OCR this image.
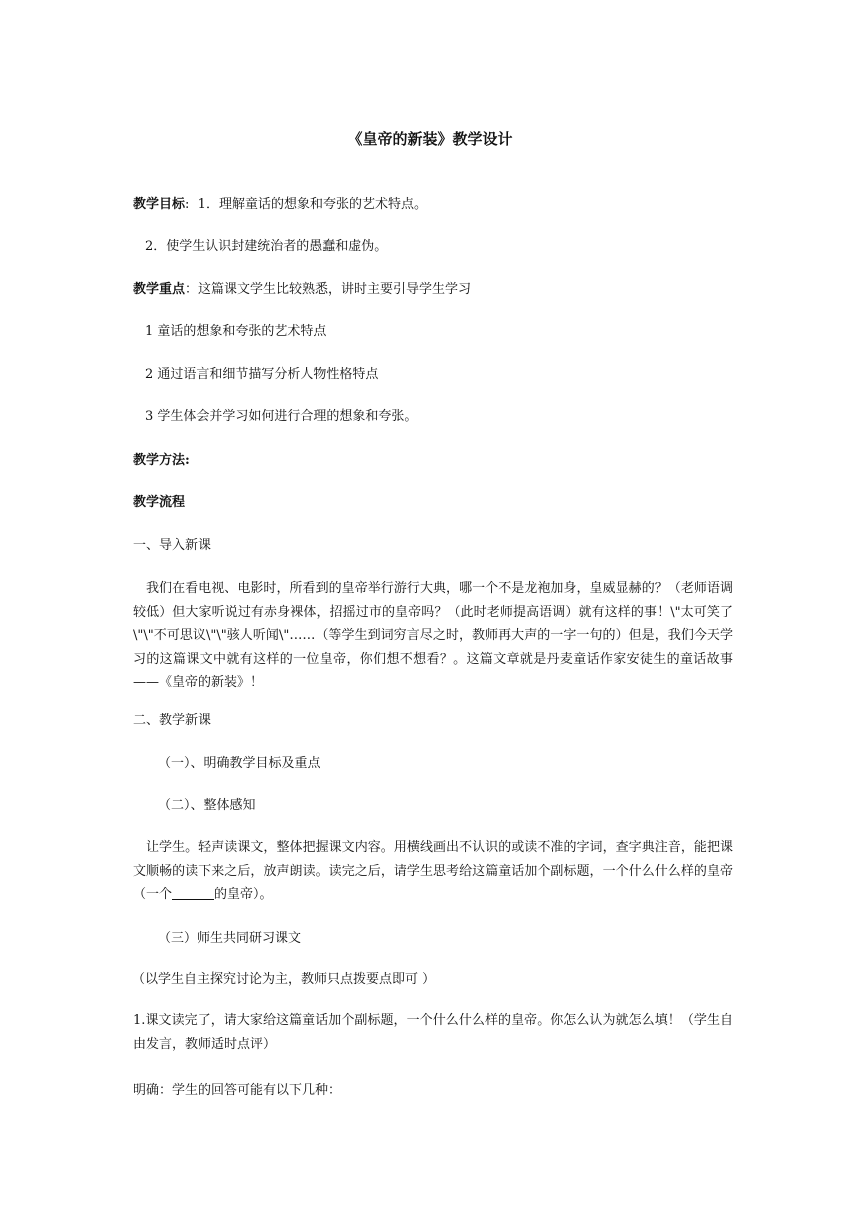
《皇帝的新装》教学设计
教学目标: 1．理解童话的想象和夸张的艺术特点。
2．使学生认识封建统治者的愚蠢和虚伪。
教学重点：这篇课文学生比较熟悉，讲时主要引导学生学习
1 童话的想象和夸张的艺术特点
2 通过语言和细节描写分析人物性格特点
3 学生体会并学习如何进行合理的想象和夸张。
教学方法:
教学流程
一、导入新课
我们在看电视、电影时，所看到的皇帝举行游行大典，哪一个不是龙袍加身，皇威显赫的？（老师语调较低）但大家听说过有赤身裸体，招摇过市的皇帝吗？（此时老师提高语调）就有这样的事！\"太可笑了\"\"不可思议\"\"骇人听闻\"……（等学生到词穷言尽之时，教师再大声的一字一句的）但是，我们今天学习的这篇课文中就有这样的一位皇帝，你们想不想看？。这篇文章就是丹麦童话作家安徒生的童话故事——《皇帝的新装》！
二、教学新课
（一）、明确教学目标及重点
（二）、整体感知
让学生。轻声读课文，整体把握课文内容。用横线画出不认识的或读不准的字词，查字典注音，能把课文顺畅的读下来之后，放声朗读。读完之后，请学生思考给这篇童话加个副标题，一个什么什么样的皇帝（一个	的皇帝）。
（三）师生共同研习课文
（以学生自主探究讨论为主，教师只点拨要点即可 ）
1.课文读完了，请大家给这篇童话加个副标题，一个什么什么样的皇帝。你怎么认为就怎么填！（学生自由发言，教师适时点评）
明确：学生的回答可能有以下几种：
